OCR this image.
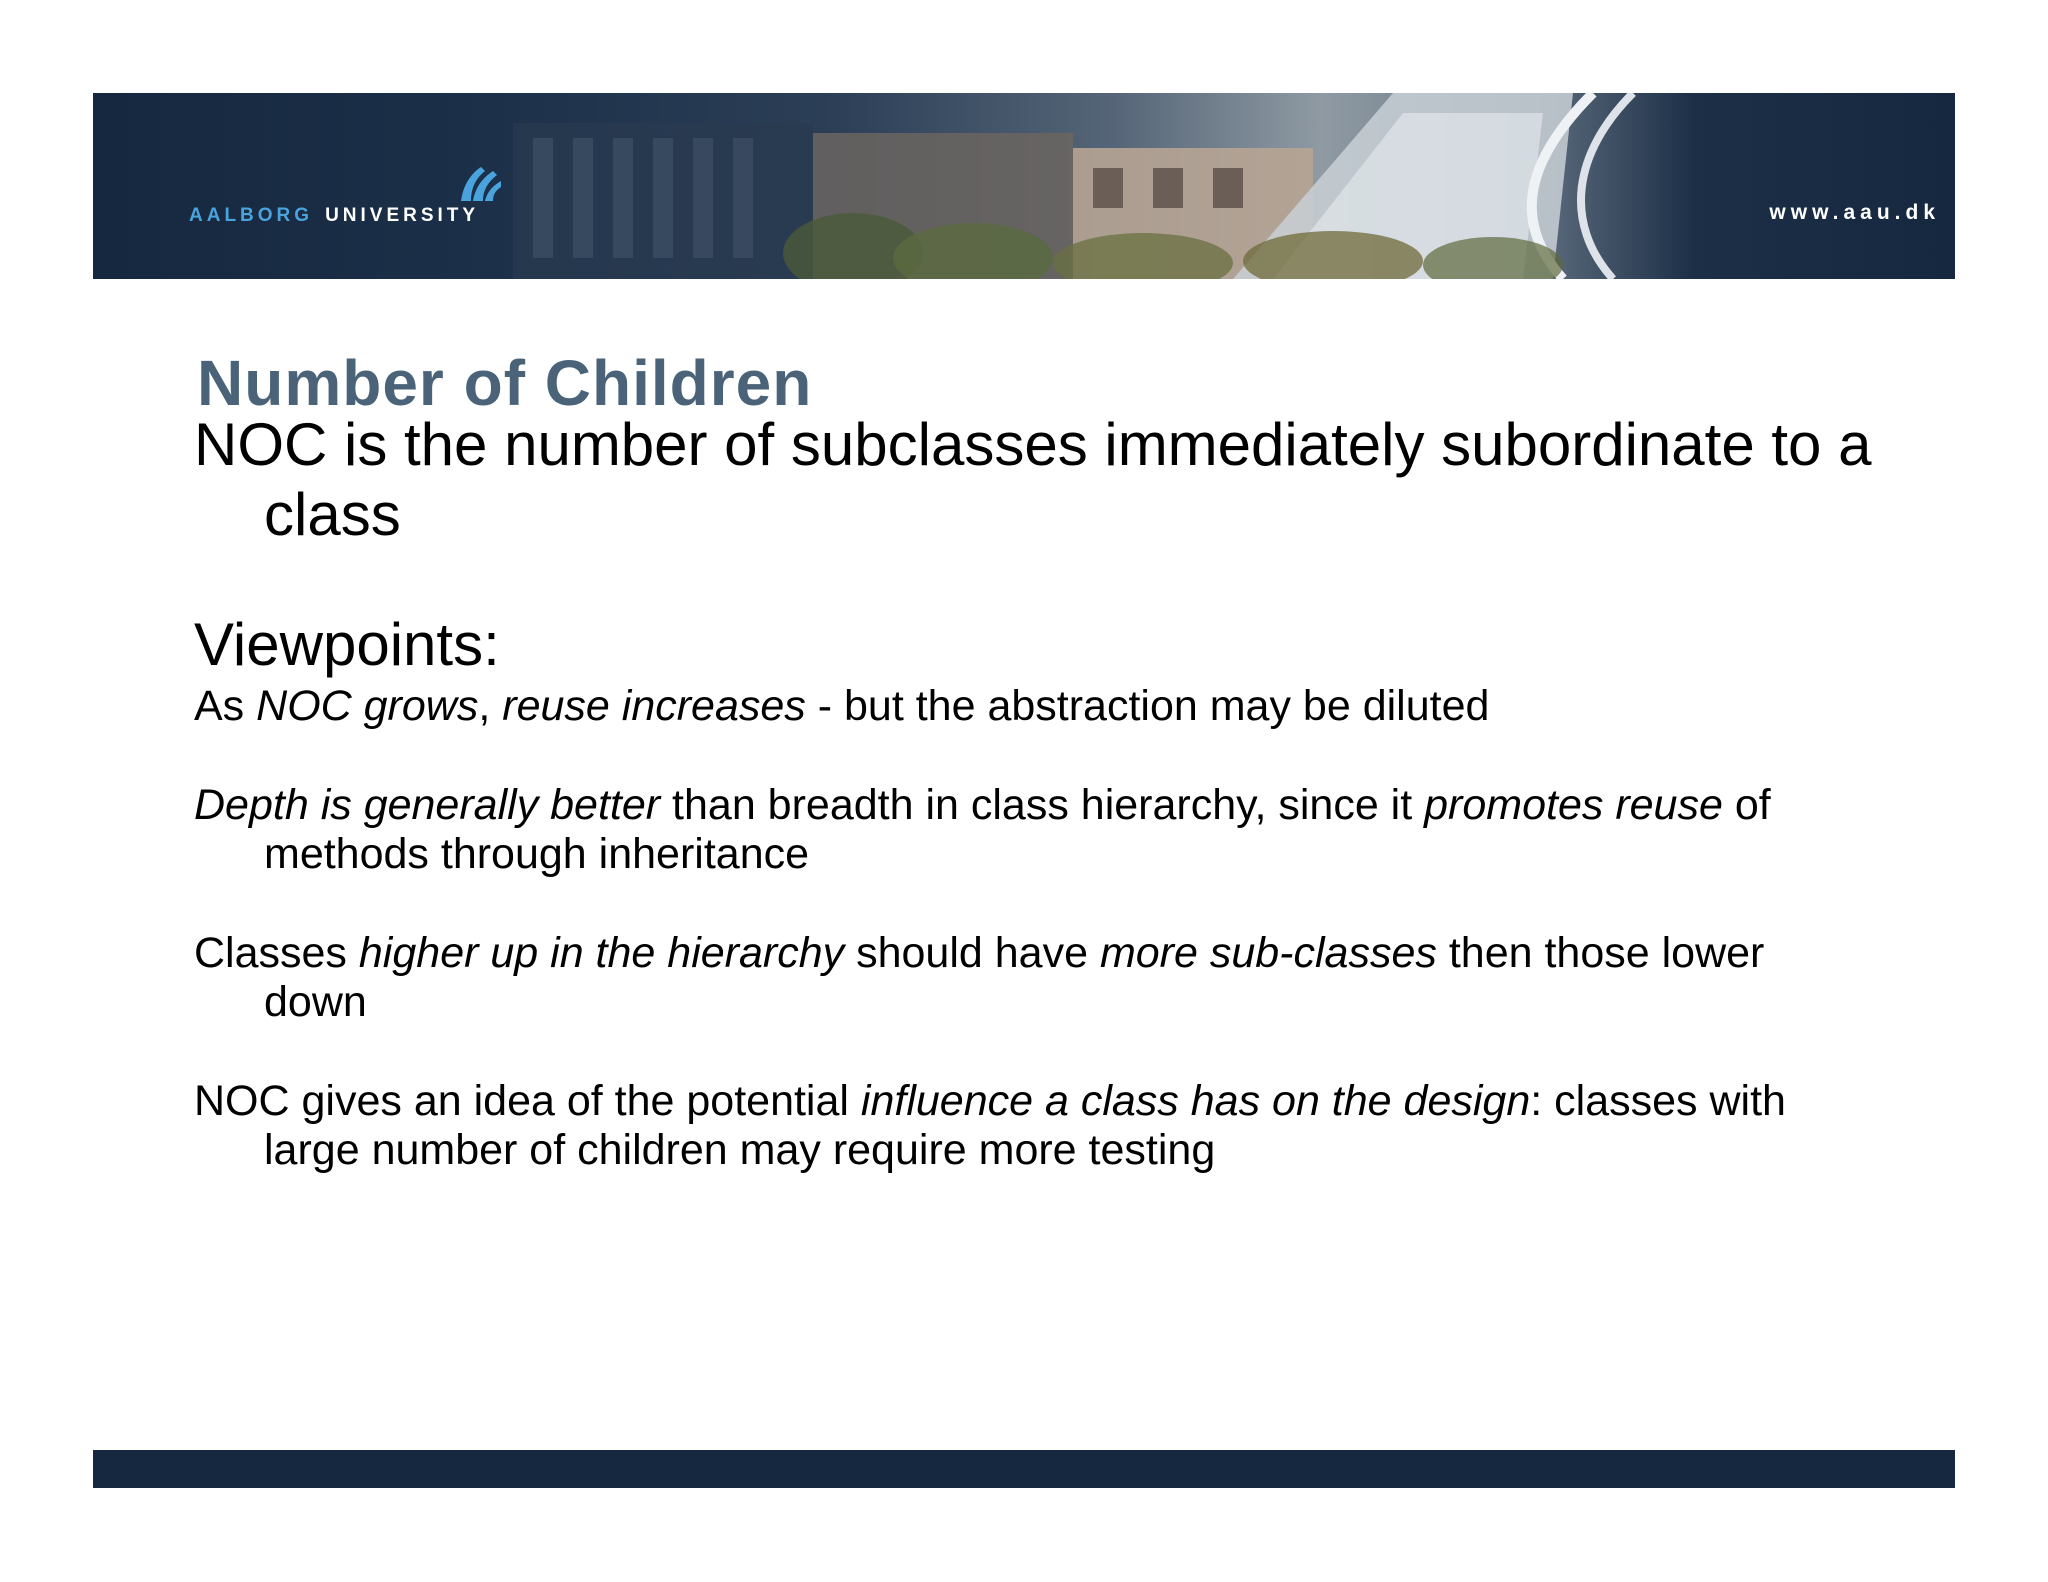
AALBORG UNIVERSITY	www.aau.dk
Number of Children

NOC is the number of subclasses immediately subordinate to a class

Viewpoints:

As NOC grows, reuse increases - but the abstraction may be diluted

Depth is generally better than breadth in class hierarchy, since it promotes reuse of methods through inheritance

Classes higher up in the hierarchy should have more sub-classes then those lower down

NOC gives an idea of the potential influence a class has on the design: classes with large number of children may require more testing
